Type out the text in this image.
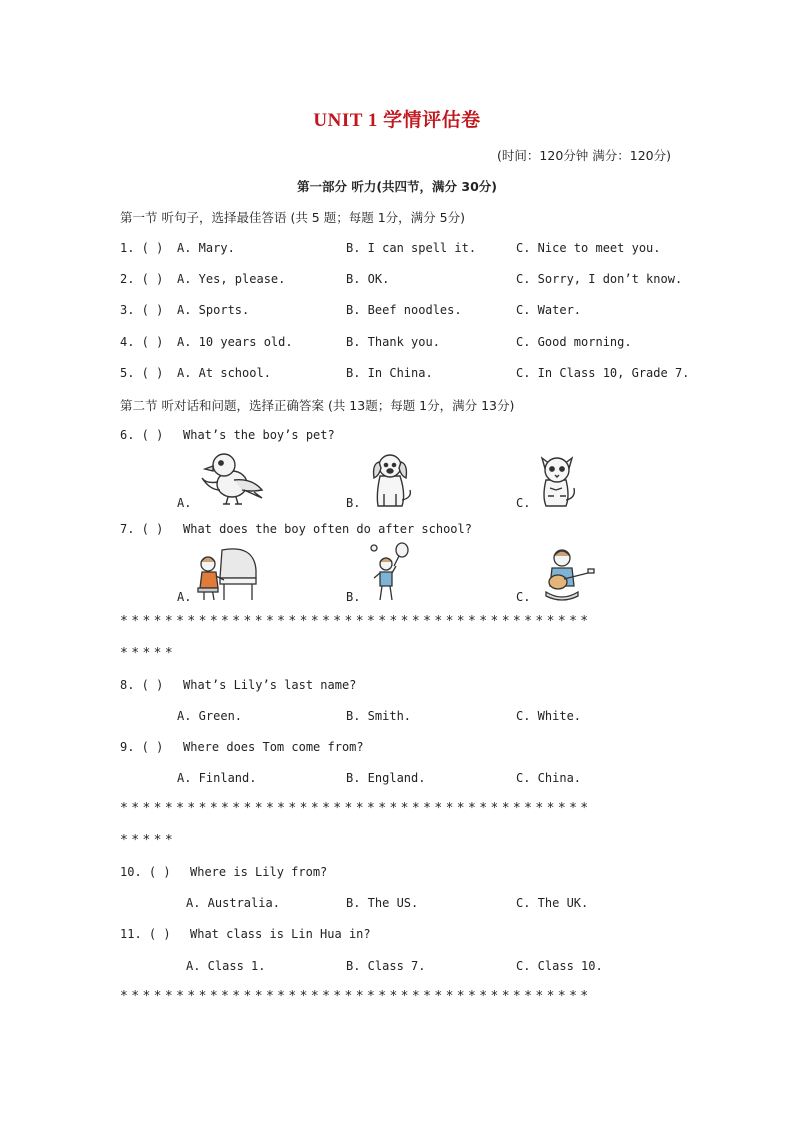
UNIT 1 学情评估卷
(时间：120分钟 满分：120分)
第一部分 听力(共四节，满分 30分)
第一节 听句子，选择最佳答语 (共 5 题；每题 1分，满分 5分)
1. ( ) A. Mary.	B. I can spell it.	C. Nice to meet you.
2. ( ) A. Yes, please.	B. OK.	C. Sorry, I don’t know.
3. ( ) A. Sports.	B. Beef noodles.	C. Water.
4. ( ) A. 10 years old.	B. Thank you.	C. Good morning.
5. ( ) A. At school.	B. In China.	C. In Class 10, Grade 7.
第二节 听对话和问题，选择正确答案 (共 13题；每题 1分，满分 13分)
6. ( ) What’s the boy’s pet?
A.	B.	C.
7. ( ) What does the boy often do after school?
A.	B.	C.
******************************************
*****
8. ( ) What’s Lily’s last name?
A. Green.	B. Smith.	C. White.
9. ( ) Where does Tom come from?
A. Finland.	B. England.	C. China.
******************************************
*****
10. ( ) Where is Lily from?
A. Australia.	B. The US.	C. The UK.
11. ( ) What class is Lin Hua in?
A. Class 1.	B. Class 7.	C. Class 10.
******************************************
